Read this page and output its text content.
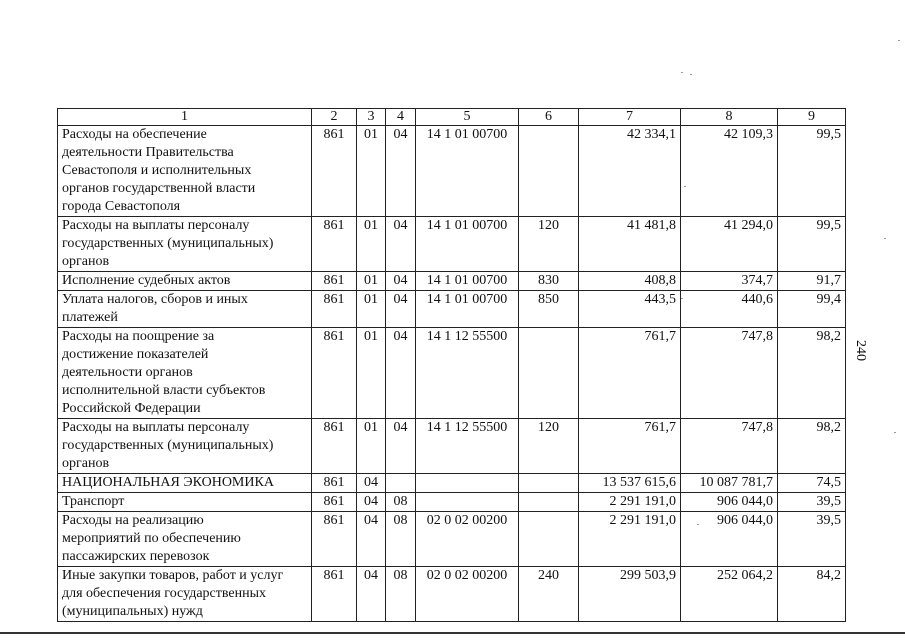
1	2	3	4	5	6	7	8	9

Расходы на обеспечение
деятельности Правительства
Севастополя и исполнительных
органов государственной власти
города Севастополя	861	01	04	14 1 01 00700		42 334,1	42 109,3	99,5

Расходы на выплаты персоналу
государственных (муниципальных)
органов	861	01	04	14 1 01 00700	120	41 481,8	41 294,0	99,5

Исполнение судебных актов	861	01	04	14 1 01 00700	830	408,8	374,7	91,7

Уплата налогов, сборов и иных
платежей	861	01	04	14 1 01 00700	850	443,5	440,6	99,4

Расходы на поощрение за
достижение показателей
деятельности органов
исполнительной власти субъектов
Российской Федерации	861	01	04	14 1 12 55500		761,7	747,8	98,2

Расходы на выплаты персоналу
государственных (муниципальных)
органов	861	01	04	14 1 12 55500	120	761,7	747,8	98,2

НАЦИОНАЛЬНАЯ ЭКОНОМИКА	861	04				13 537 615,6	10 087 781,7	74,5

Транспорт	861	04	08			2 291 191,0	906 044,0	39,5

Расходы на реализацию
мероприятий по обеспечению
пассажирских перевозок	861	04	08	02 0 02 00200		2 291 191,0	906 044,0	39,5

Иные закупки товаров, работ и услуг
для обеспечения государственных
(муниципальных) нужд	861	04	08	02 0 02 00200	240	299 503,9	252 064,2	84,2
240
